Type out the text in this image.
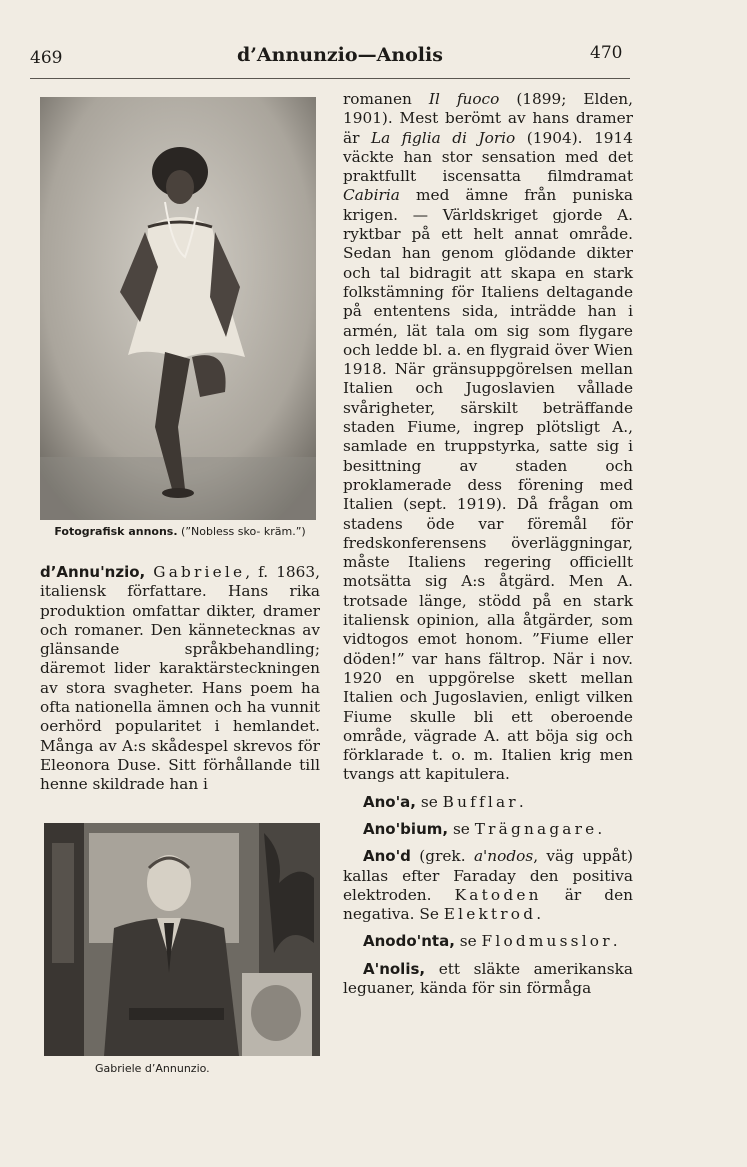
469	d’Annunzio—Anolis	470
Fotografisk annons. (”Nobless sko- kräm.”)

d’Annu'nzio, Gabriele, f. 1863, italiensk författare. Hans rika produktion omfattar dikter, dramer och romaner. Den kännetecknas av glänsande språkbehandling; däremot lider karaktärsteckningen av stora svagheter. Hans poem ha ofta nationella ämnen och ha vunnit oerhörd popularitet i hemlandet. Många av A:s skådespel skrevos för Eleonora Duse. Sitt förhållande till henne skildrade han i

Gabriele d’Annunzio.

romanen Il fuoco (1899; Elden, 1901). Mest berömt av hans dramer är La figlia di Jorio (1904). 1914 väckte han stor sensation med det praktfullt iscensatta filmdramat Cabiria med ämne från puniska krigen. — Världskriget gjorde A. ryktbar på ett helt annat område. Sedan han genom glödande dikter och tal bidragit att skapa en stark folkstämning för Italiens deltagande på ententens sida, inträdde han i armén, lät tala om sig som flygare och ledde bl. a. en flygraid över Wien 1918. När gränsuppgörelsen mellan Italien och Jugoslavien vållade svårigheter, särskilt beträffande staden Fiume, ingrep plötsligt A., samlade en truppstyrka, satte sig i besittning av staden och proklamerade dess förening med Italien (sept. 1919). Då frågan om stadens öde var föremål för fredskonferensens överläggningar, måste Italiens regering officiellt motsätta sig A:s åtgärd. Men A. trotsade länge, stödd på en stark italiensk opinion, alla åtgärder, som vidtogos emot honom. ”Fiume eller döden!” var hans fältrop. När i nov. 1920 en uppgörelse skett mellan Italien och Jugoslavien, enligt vilken Fiume skulle bli ett oberoende område, vägrade A. att böja sig och förklarade t. o. m. Italien krig men tvangs att kapitulera.

Ano'a, se Bufflar.

Ano'bium, se Trägnagare.

Ano'd (grek. a'nodos, väg uppåt) kallas efter Faraday den positiva elektroden. Katoden är den negativa. Se Elektrod.

Anodo'nta, se Flodmusslor.

A'nolis, ett släkte amerikanska leguaner, kända för sin förmåga
